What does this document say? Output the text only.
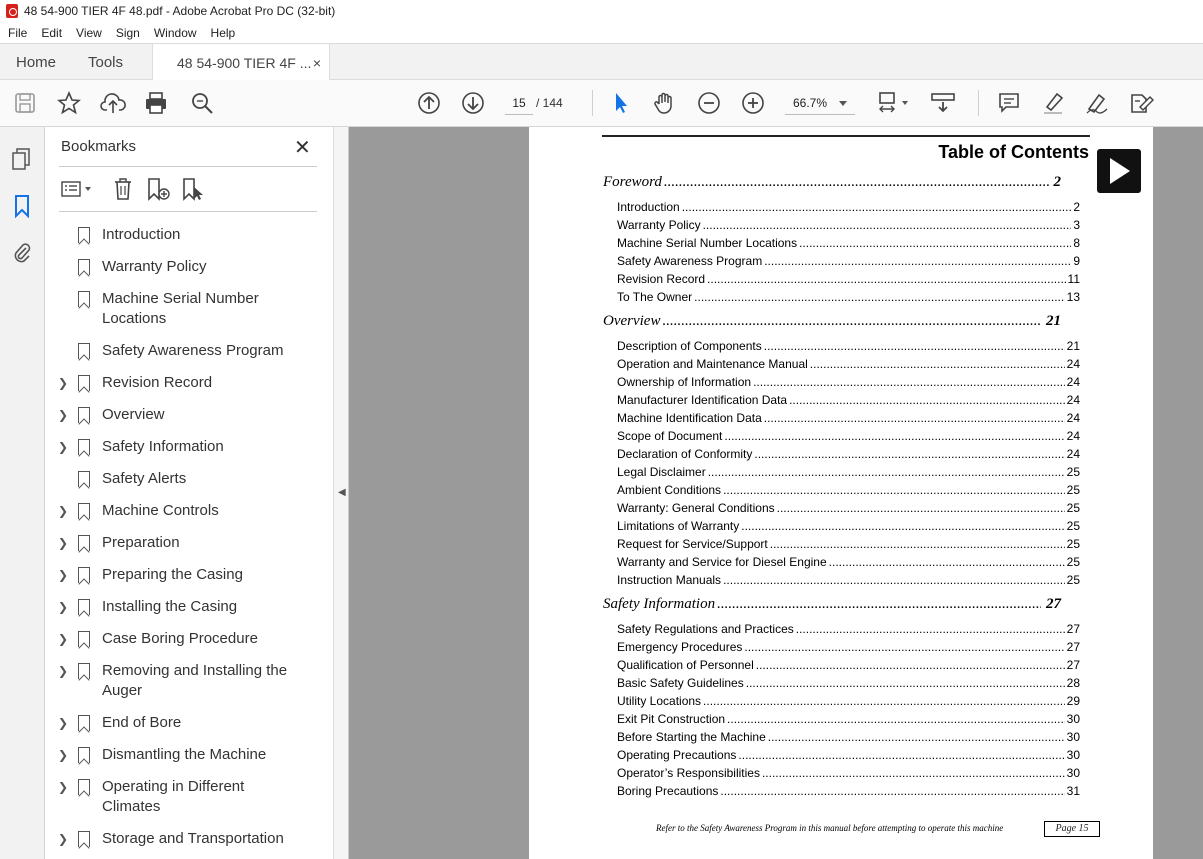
48 54-900 TIER 4F 48.pdf - Adobe Acrobat Pro DC (32-bit)
File	Edit	View	Sign	Window	Help
Home Tools	48 54-900 TIER 4F ... ×
15 / 144	66.7%
Bookmarks	✕
Introduction
Warranty Policy
Machine Serial Number Locations
Safety Awareness Program
❯ Revision Record
❯ Overview
❯ Safety Information
Safety Alerts
❯ Machine Controls
❯ Preparation
❯ Preparing the Casing
❯ Installing the Casing
❯ Case Boring Procedure
❯ Removing and Installing the Auger
❯ End of Bore
❯ Dismantling the Machine
❯ Operating in Different Climates
❯ Storage and Transportation
◀
Table of Contents
Refer to the Safety Awareness Program in this manual before attempting to operate this machine	Page 15
Foreword .....	2
Introduction .....	2
Warranty Policy .....	3
Machine Serial Number Locations .....	8
Safety Awareness Program .....	9
Revision Record .....	11
To The Owner .....	13
Overview .....	21
Description of Components .....	21
Operation and Maintenance Manual .....	24
Ownership of Information .....	24
Manufacturer Identification Data .....	24
Machine Identification Data .....	24
Scope of Document .....	24
Declaration of Conformity .....	24
Legal Disclaimer .....	25
Ambient Conditions .....	25
Warranty: General Conditions .....	25
Limitations of Warranty .....	25
Request for Service/Support .....	25
Warranty and Service for Diesel Engine .....	25
Instruction Manuals .....	25
Safety Information .....	27
Safety Regulations and Practices .....	27
Emergency Procedures .....	27
Qualification of Personnel .....	27
Basic Safety Guidelines .....	28
Utility Locations .....	29
Exit Pit Construction .....	30
Before Starting the Machine .....	30
Operating Precautions .....	30
Operator’s Responsibilities .....	30
Boring Precautions .....	31
